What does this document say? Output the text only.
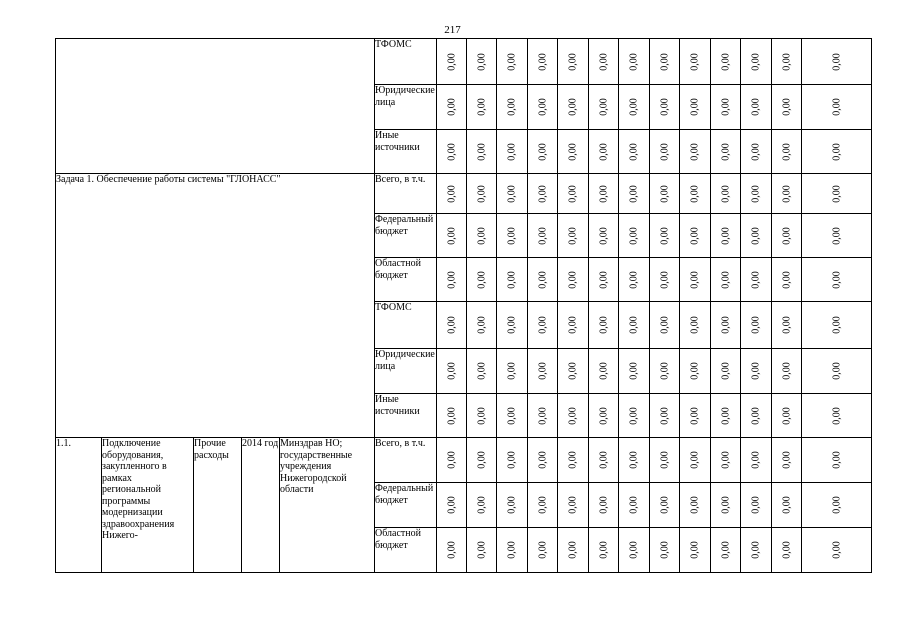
217
					ТФОМС	0,00	0,00	0,00	0,00	0,00	0,00	0,00	0,00	0,00	0,00	0,00	0,00	0,00

					Юридические лица	0,00	0,00	0,00	0,00	0,00	0,00	0,00	0,00	0,00	0,00	0,00	0,00	0,00

					Иные источники	0,00	0,00	0,00	0,00	0,00	0,00	0,00	0,00	0,00	0,00	0,00	0,00	0,00

Задача 1. Обеспечение работы системы "ГЛОНАСС"					Всего, в т.ч.	0,00	0,00	0,00	0,00	0,00	0,00	0,00	0,00	0,00	0,00	0,00	0,00	0,00

					Федеральный бюджет	0,00	0,00	0,00	0,00	0,00	0,00	0,00	0,00	0,00	0,00	0,00	0,00	0,00

					Областной бюджет	0,00	0,00	0,00	0,00	0,00	0,00	0,00	0,00	0,00	0,00	0,00	0,00	0,00

					ТФОМС	0,00	0,00	0,00	0,00	0,00	0,00	0,00	0,00	0,00	0,00	0,00	0,00	0,00

					Юридические лица	0,00	0,00	0,00	0,00	0,00	0,00	0,00	0,00	0,00	0,00	0,00	0,00	0,00

					Иные источники	0,00	0,00	0,00	0,00	0,00	0,00	0,00	0,00	0,00	0,00	0,00	0,00	0,00

1.1.	Подключение оборудования, закупленного в рамках региональной программы модернизации здравоохранения Нижего-	Прочие расходы	2014 год	Минздрав НО; государственные учреждения Нижегородской области	Всего, в т.ч.	0,00	0,00	0,00	0,00	0,00	0,00	0,00	0,00	0,00	0,00	0,00	0,00	0,00

					Федеральный бюджет	0,00	0,00	0,00	0,00	0,00	0,00	0,00	0,00	0,00	0,00	0,00	0,00	0,00

					Областной бюджет	0,00	0,00	0,00	0,00	0,00	0,00	0,00	0,00	0,00	0,00	0,00	0,00	0,00
